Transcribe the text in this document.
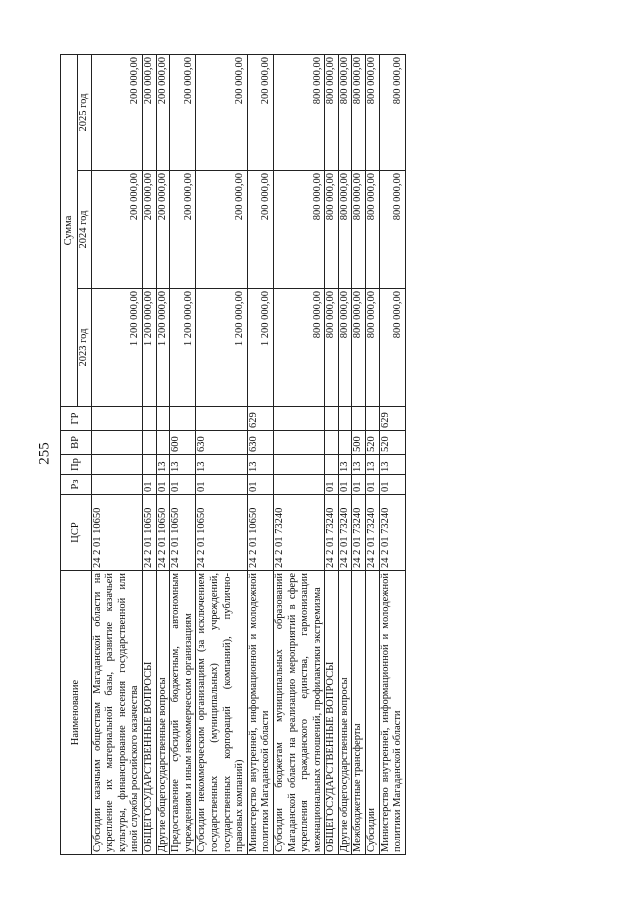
255
Наименование	ЦСР	Рз	Пр	ВР	ГР	Сумма		
						2023 год	2024 год	2025 год
Субсидии казачьим обществам Магаданской области на укрепление их материальной базы, развитие казачьей культуры, финансирование несения государственной или иной службы российского казачества	24 2 01 10650					1 200 000,00	200 000,00	200 000,00
ОБЩЕГОСУДАРСТВЕННЫЕ ВОПРОСЫ	24 2 01 10650	01				1 200 000,00	200 000,00	200 000,00
Другие общегосударственные вопросы	24 2 01 10650	01	13			1 200 000,00	200 000,00	200 000,00
Предоставление субсидий бюджетным, автономным учреждениям и иным некоммерческим организациям	24 2 01 10650	01	13	600		1 200 000,00	200 000,00	200 000,00
Субсидии некоммерческим организациям (за исключением государственных (муниципальных) учреждений, государственных корпораций (компаний), публично-правовых компаний)	24 2 01 10650	01	13	630		1 200 000,00	200 000,00	200 000,00
Министерство внутренней, информационной и молодежной политики Магаданской области	24 2 01 10650	01	13	630	629	1 200 000,00	200 000,00	200 000,00
Субсидии бюджетам муниципальных образований Магаданской области на реализацию мероприятий в сфере укрепления гражданского единства, гармонизации межнациональных отношений, профилактики экстремизма	24 2 01 73240					800 000,00	800 000,00	800 000,00
ОБЩЕГОСУДАРСТВЕННЫЕ ВОПРОСЫ	24 2 01 73240	01				800 000,00	800 000,00	800 000,00
Другие общегосударственные вопросы	24 2 01 73240	01	13			800 000,00	800 000,00	800 000,00
Межбюджетные трансферты	24 2 01 73240	01	13	500		800 000,00	800 000,00	800 000,00
Субсидии	24 2 01 73240	01	13	520		800 000,00	800 000,00	800 000,00
Министерство внутренней, информационной и молодежной политики Магаданской области	24 2 01 73240	01	13	520	629	800 000,00	800 000,00	800 000,00
